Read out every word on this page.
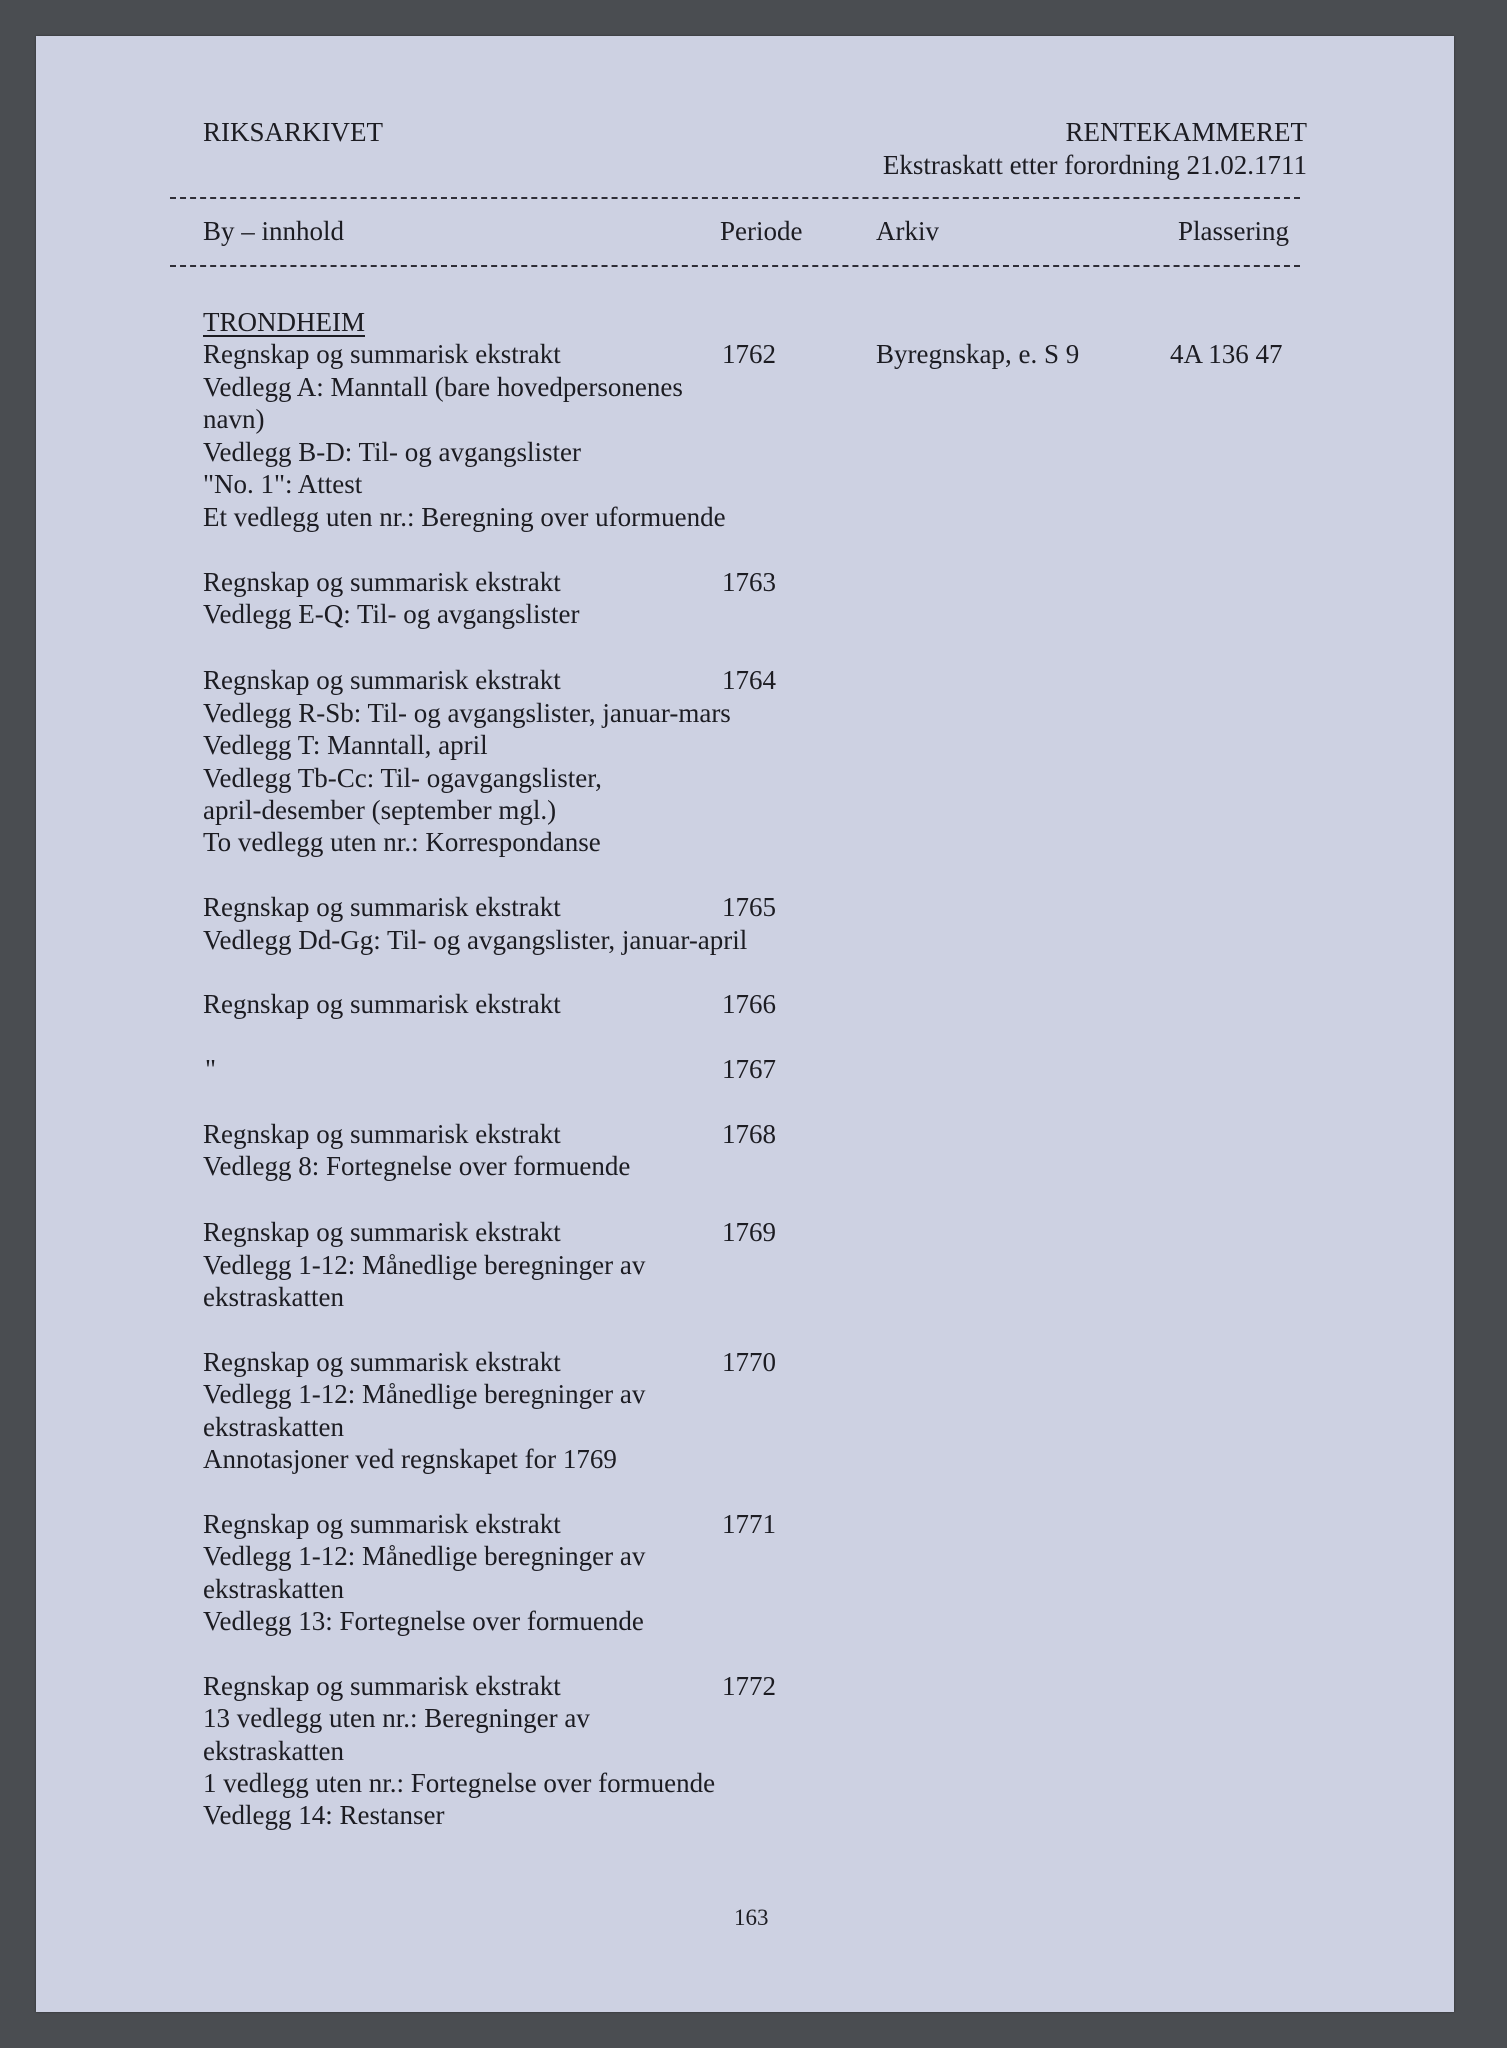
RIKSARKIVET	RENTEKAMMERET
Ekstraskatt etter forordning 21.02.1711
By – innhold	Periode	Arkiv	Plassering
TRONDHEIM
Regnskap og summarisk ekstrakt	1762	Byregnskap, e. S 9	4A 136 47
Vedlegg A: Manntall (bare hovedpersonenes
navn)
Vedlegg B-D: Til- og avgangslister
"No. 1": Attest
Et vedlegg uten nr.: Beregning over uformuende
Regnskap og summarisk ekstrakt	1763
Vedlegg E-Q: Til- og avgangslister
Regnskap og summarisk ekstrakt	1764
Vedlegg R-Sb: Til- og avgangslister, januar-mars
Vedlegg T: Manntall, april
Vedlegg Tb-Cc: Til- ogavgangslister,
april-desember (september mgl.)
To vedlegg uten nr.: Korrespondanse
Regnskap og summarisk ekstrakt	1765
Vedlegg Dd-Gg: Til- og avgangslister, januar-april
Regnskap og summarisk ekstrakt	1766
"	1767
Regnskap og summarisk ekstrakt	1768
Vedlegg 8: Fortegnelse over formuende
Regnskap og summarisk ekstrakt	1769
Vedlegg 1-12: Månedlige beregninger av
ekstraskatten
Regnskap og summarisk ekstrakt	1770
Vedlegg 1-12: Månedlige beregninger av
ekstraskatten
Annotasjoner ved regnskapet for 1769
Regnskap og summarisk ekstrakt	1771
Vedlegg 1-12: Månedlige beregninger av
ekstraskatten
Vedlegg 13: Fortegnelse over formuende
Regnskap og summarisk ekstrakt	1772
13 vedlegg uten nr.: Beregninger av
ekstraskatten
1 vedlegg uten nr.: Fortegnelse over formuende
Vedlegg 14: Restanser
163
